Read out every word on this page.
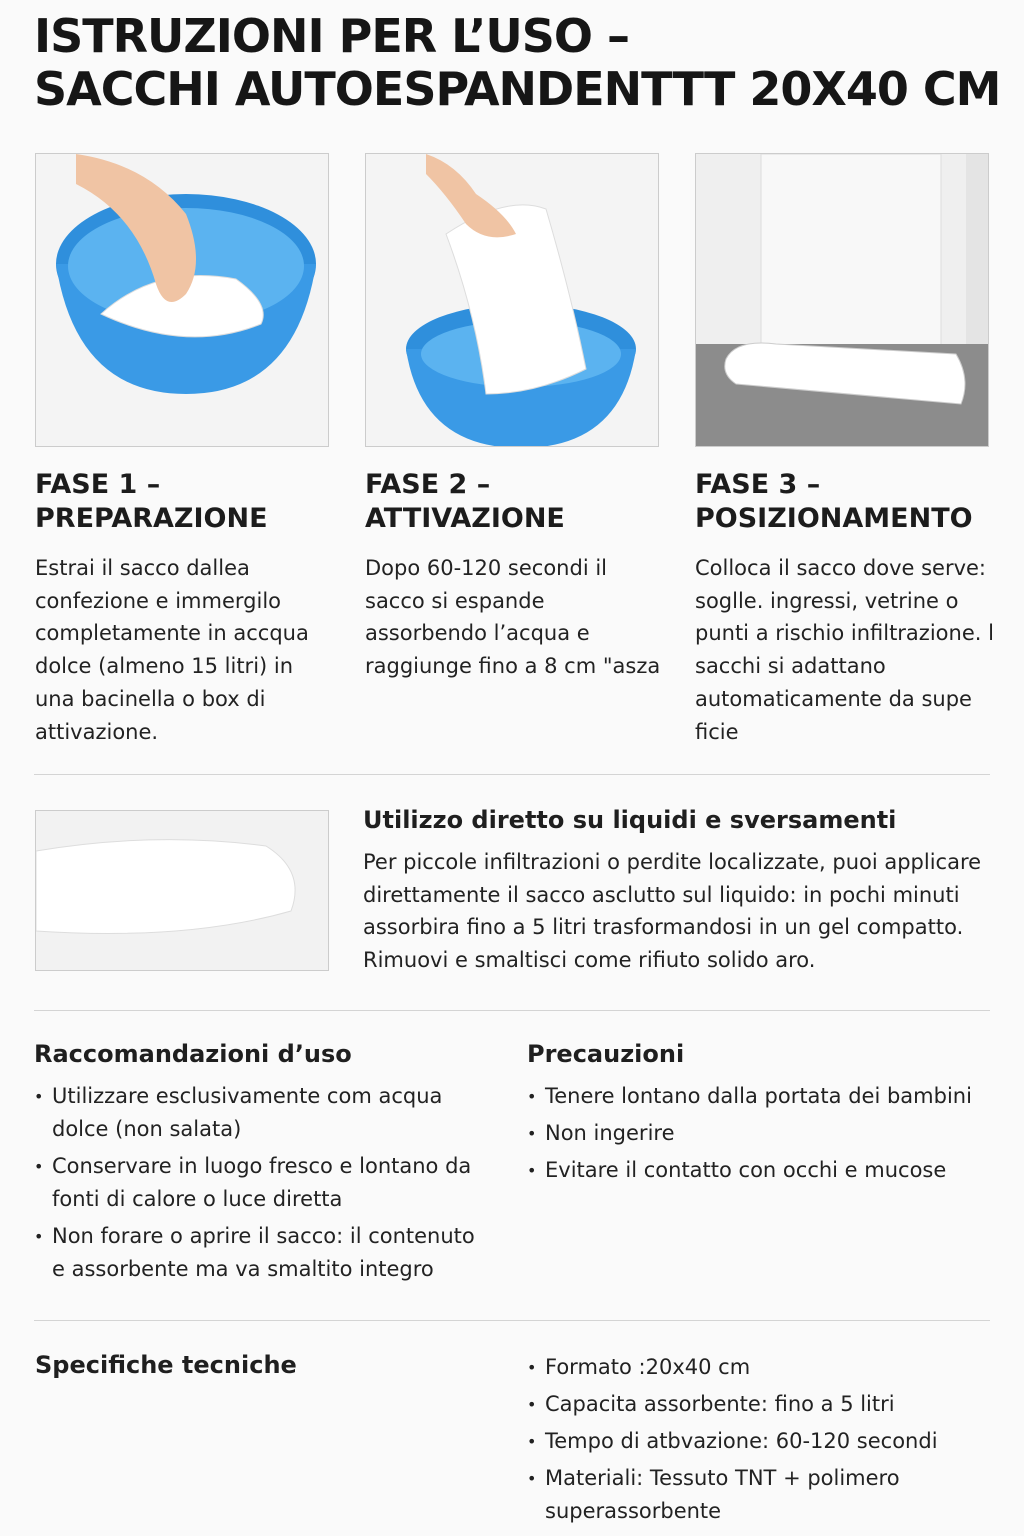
ISTRUZIONI PER L’USO –
SACCHI AUTOESPANDENTTT 20X40 CM
FASE 1 –
PREPARAZIONE

Estrai il sacco dallea confezione e immergilo completamente in accqua dolce (almeno 15 litri) in una bacinella o box di attivazione.

FASE 2 –
ATTIVAZIONE

Dopo 60-120 secondi il sacco si espande assorbendo l’acqua e raggiunge fino a 8 cm "asza

FASE 3 –
POSIZIONAMENTO

Colloca il sacco dove serve: soglle. ingressi, vetrine o punti a rischio infiltrazione. l sacchi si adattano automaticamente da supe ficie

Utilizzo diretto su liquidi e sversamenti

Per piccole infiltrazioni o perdite localizzate, puoi applicare direttamente il sacco asclutto sul liquido: in pochi minuti assorbira fino a 5 litri trasformandosi in un gel compatto. Rimuovi e smaltisci come rifiuto solido aro.

Raccomandazioni d’uso
• Utilizzare esclusivamente com acqua dolce (non salata)
• Conservare in luogo fresco e lontano da fonti di calore o luce diretta
• Non forare o aprire il sacco: il contenuto e assorbente ma va smaltito integro
Precauzioni
• Tenere lontano dalla portata dei bambini
• Non ingerire
• Evitare il contatto con occhi e mucose
Specifiche tecniche	• Formato :20x40 cm
• Capacita assorbente: fino a 5 litri
• Tempo di atbvazione: 60-120 secondi
• Materiali: Tessuto TNT + polimero superassorbente
